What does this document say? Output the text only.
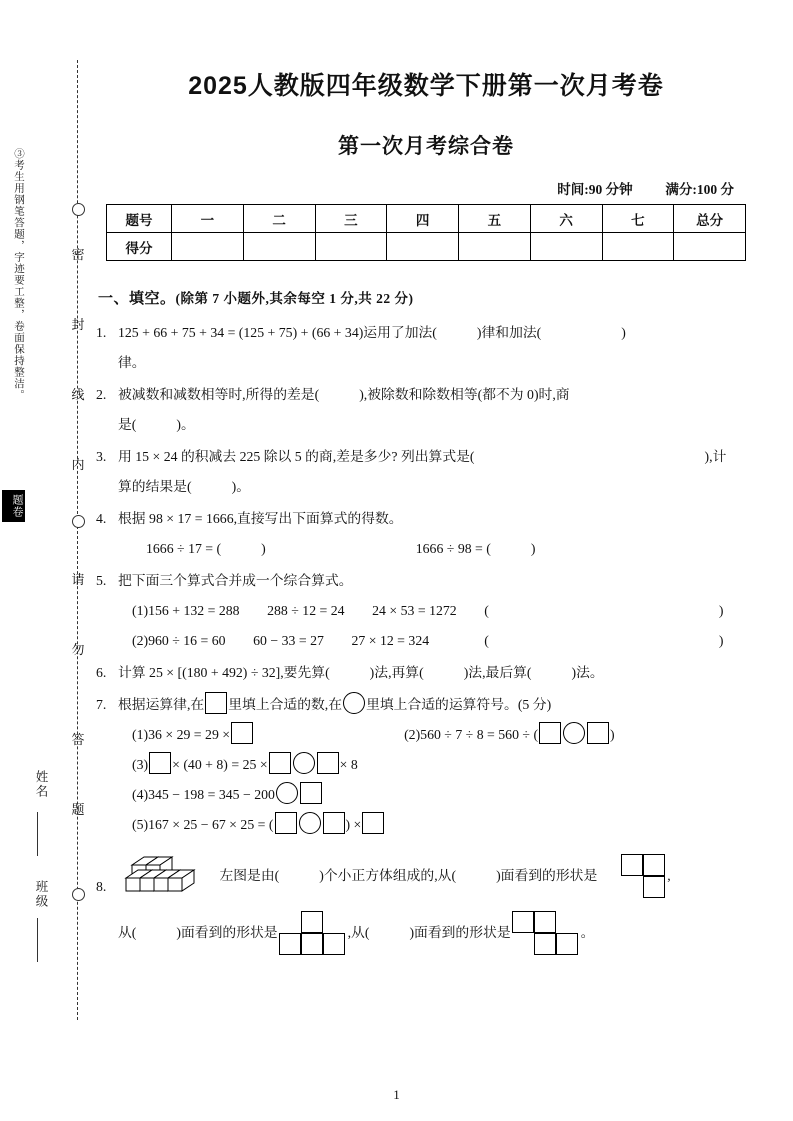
密
封
线
内
请
勿
答
题
③考生用钢笔答题，字迹要工整，卷面保持整洁。
题卷
姓名
班级
2025人教版四年级数学下册第一次月考卷
第一次月考综合卷
时间:90 分钟 满分:100 分
题号	一	二	三	四	五	六	七	总分
得分								
一、填空。(除第 7 小题外,其余每空 1 分,共 22 分)
1. 125 + 66 + 75 + 34 = (125 + 75) + (66 + 34)运用了加法(	)律和加法(	)
律。
2. 被减数和减数相等时,所得的差是(	),被除数和除数相等(都不为 0)时,商
是(	)。
3. 用 15 × 24 的积减去 225 除以 5 的商,差是多少? 列出算式是(	),计
算的结果是(	)。
4. 根据 98 × 17 = 1666,直接写出下面算式的得数。
1666 ÷ 17 = (	)	1666 ÷ 98 = (	)
5. 把下面三个算式合并成一个综合算式。
(1)156 + 132 = 288　　288 ÷ 12 = 24　　24 × 53 = 1272　　(	)
(2)960 ÷ 16 = 60　　60 − 33 = 27　　27 × 12 = 324　　　　(	)
6. 计算 25 × [(180 + 492) ÷ 32],要先算(	)法,再算(	)法,最后算(	)法。
7. 根据运算律,在 里填上合适的数,在 里填上合适的运算符号。(5 分)
(1)36 × 29 = 29 ×	(2)560 ÷ 7 ÷ 8 = 560 ÷ (	)
(3) × (40 + 8) = 25 ×	× 8
(4)345 − 198 = 345 − 200
(5)167 × 25 − 67 × 25 = (	) ×
8.
左图是由(	)个小正方体组成的,从(	)面看到的形状是	,
从(	)面看到的形状是	,从(	)面看到的形状是	。
1
